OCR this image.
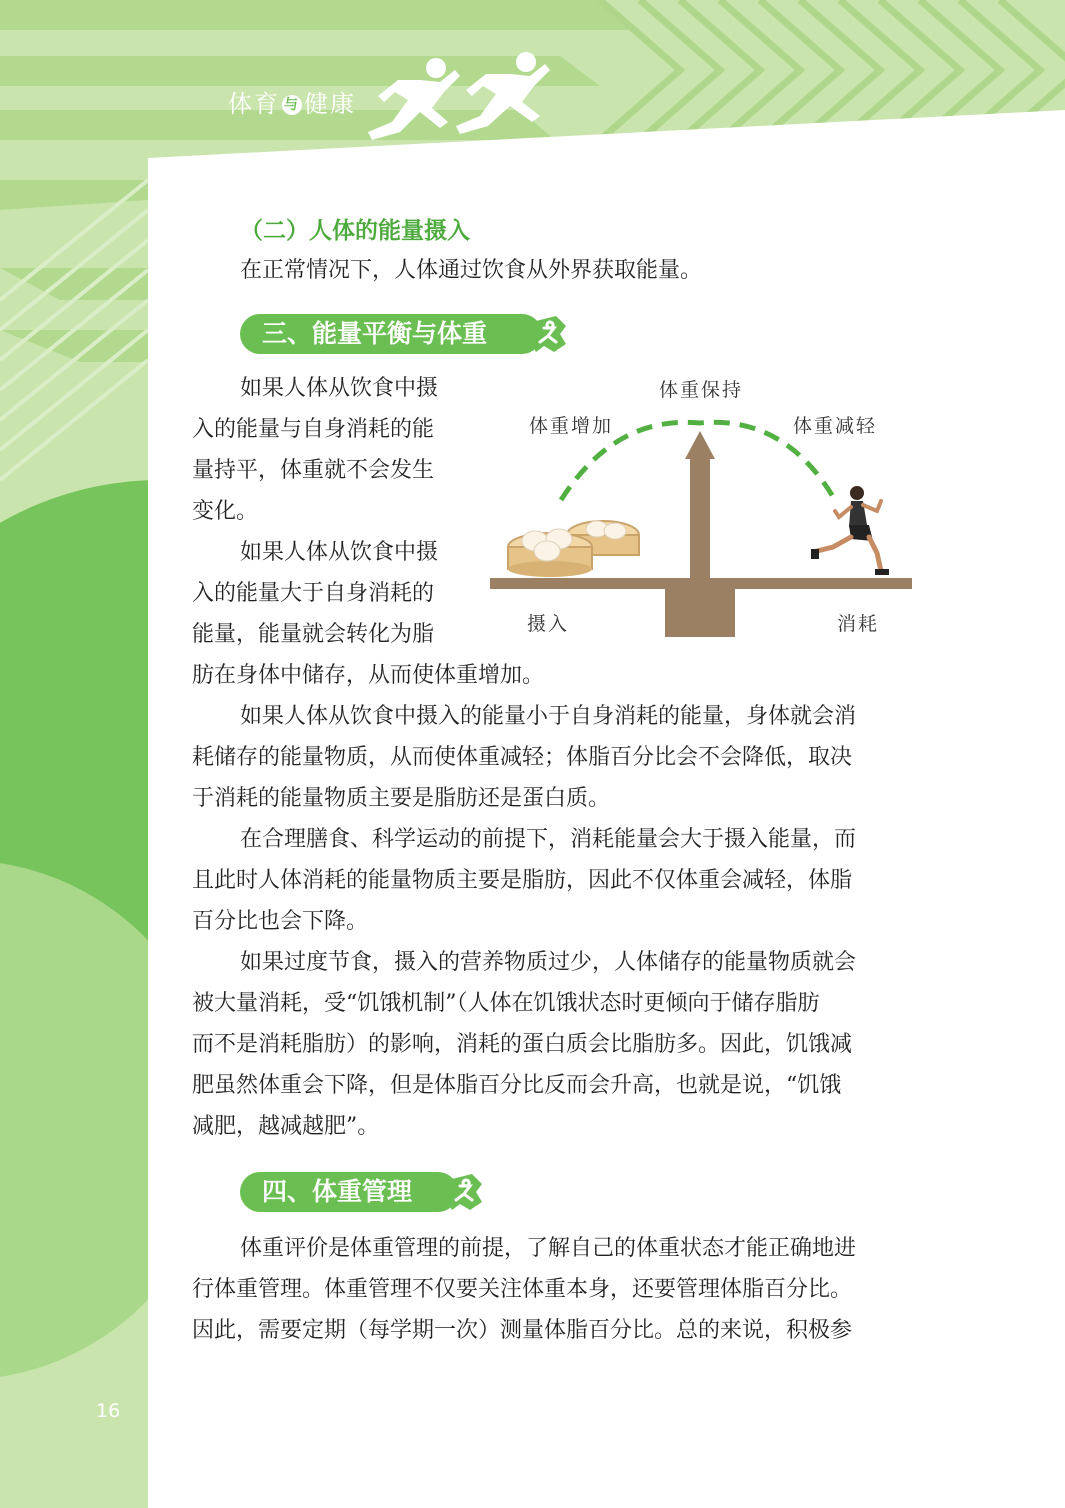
体育 与 健康
（二）人体的能量摄入

在正常情况下，人体通过饮食从外界获取能量。

三、能量平衡与体重

如果人体从饮食中摄

入的能量与自身消耗的能

量持平，体重就不会发生

变化。

如果人体从饮食中摄

入的能量大于自身消耗的

能量，能量就会转化为脂

肪在身体中储存，从而使体重增加。

体重保持
体重增加	体重减轻
摄入	消耗

如果人体从饮食中摄入的能量小于自身消耗的能量，身体就会消

耗储存的能量物质，从而使体重减轻；体脂百分比会不会降低，取决

于消耗的能量物质主要是脂肪还是蛋白质。

在合理膳食、科学运动的前提下，消耗能量会大于摄入能量，而

且此时人体消耗的能量物质主要是脂肪，因此不仅体重会减轻，体脂

百分比也会下降。

如果过度节食，摄入的营养物质过少，人体储存的能量物质就会

被大量消耗，受“饥饿机制”（人体在饥饿状态时更倾向于储存脂肪

而不是消耗脂肪）的影响，消耗的蛋白质会比脂肪多。因此，饥饿减

肥虽然体重会下降，但是体脂百分比反而会升高，也就是说，“饥饿

减肥，越减越肥”。

四、体重管理

体重评价是体重管理的前提，了解自己的体重状态才能正确地进

行体重管理。体重管理不仅要关注体重本身，还要管理体脂百分比。

因此，需要定期（每学期一次）测量体脂百分比。总的来说，积极参

16
